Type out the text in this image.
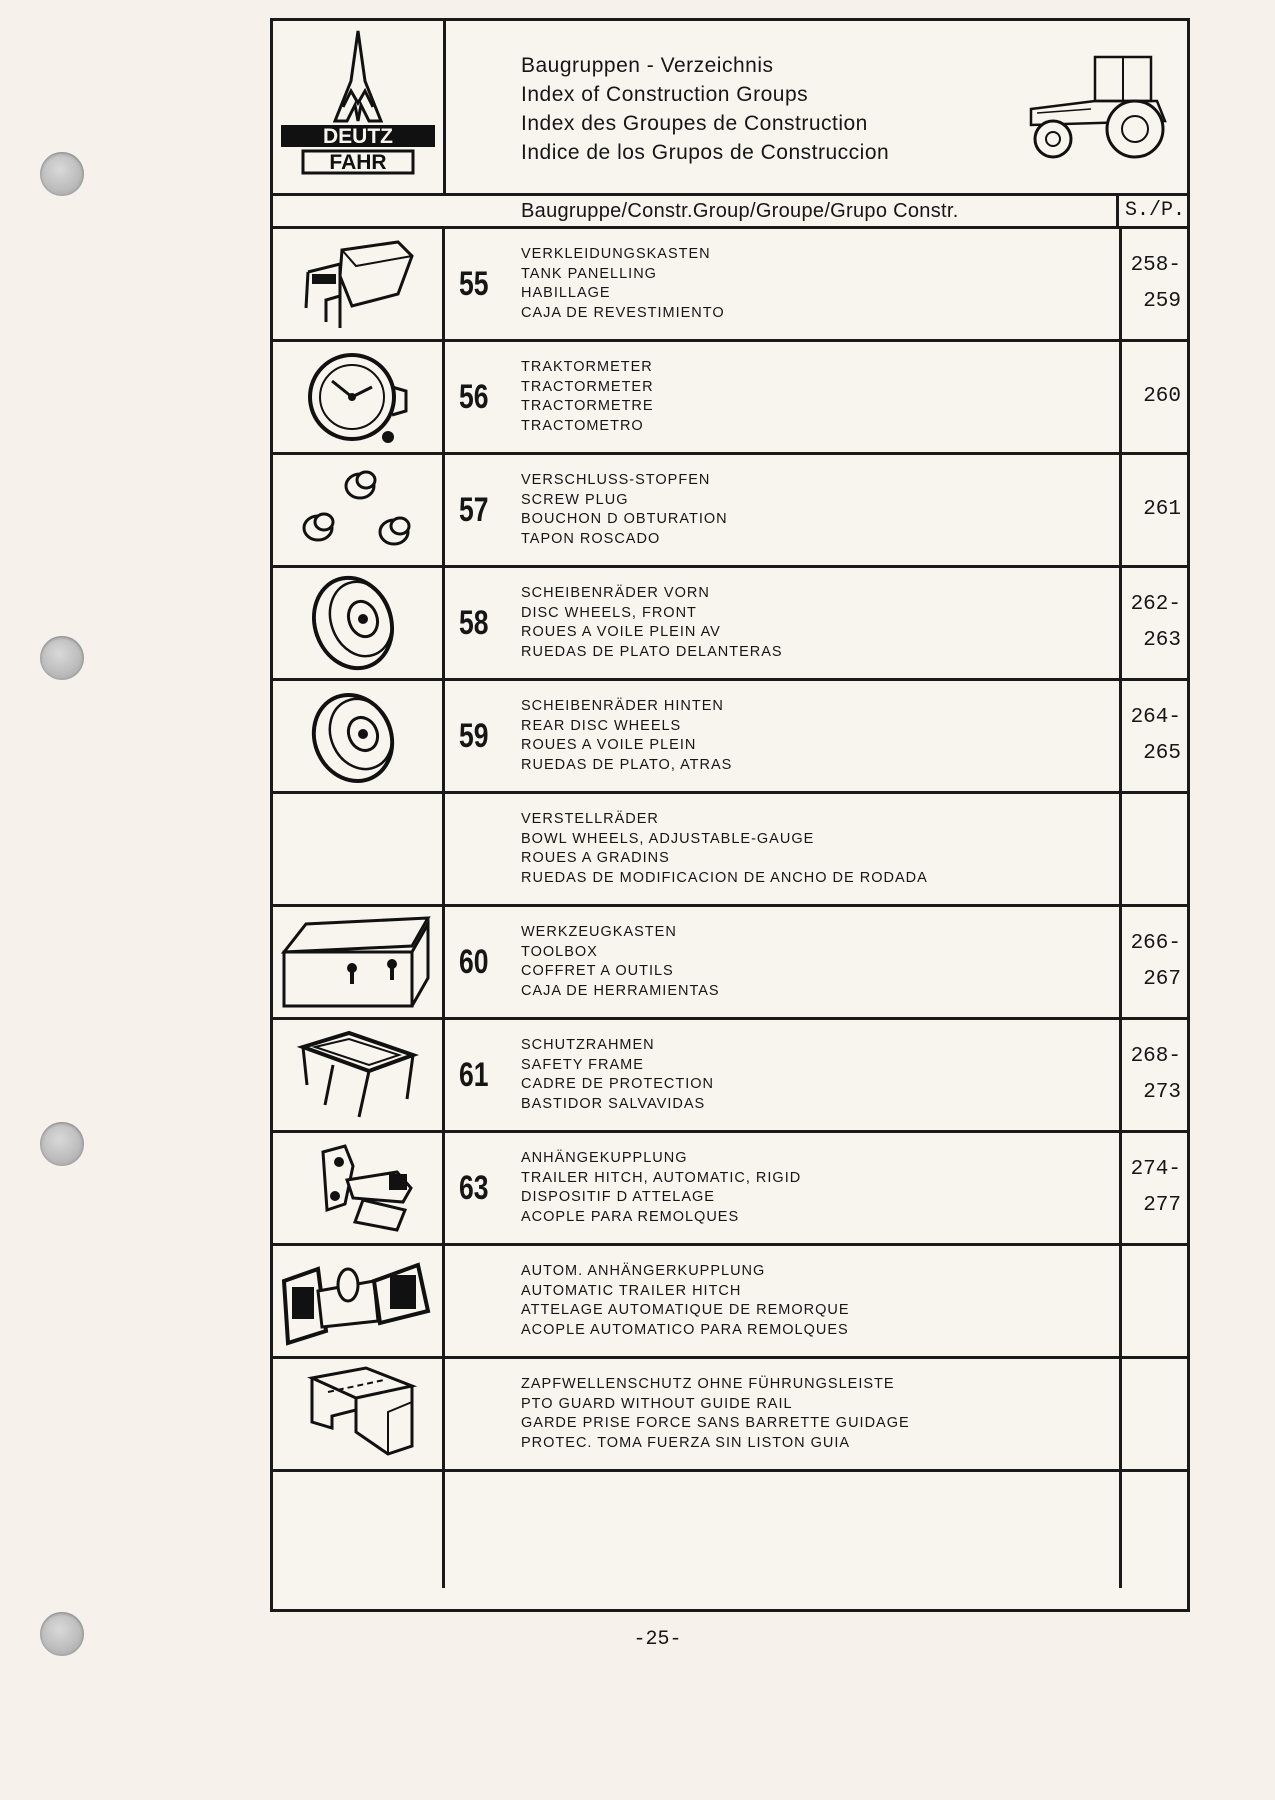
DEUTZ
FAHR
Baugruppen - Verzeichnis
Index of Construction Groups
Index des Groupes de Construction
Indice de los Grupos de Construccion
Baugruppe/Constr.Group/Groupe/Grupo Constr.	S./P.
55
VERKLEIDUNGSKASTEN
TANK PANELLING
HABILLAGE
CAJA DE REVESTIMIENTO
258-
259
56
TRAKTORMETER
TRACTORMETER
TRACTORMETRE
TRACTOMETRO
260
57
VERSCHLUSS-STOPFEN
SCREW PLUG
BOUCHON D OBTURATION
TAPON ROSCADO
261
58
SCHEIBENRÄDER VORN
DISC WHEELS, FRONT
ROUES A VOILE PLEIN AV
RUEDAS DE PLATO DELANTERAS
262-
263
59
SCHEIBENRÄDER HINTEN
REAR DISC WHEELS
ROUES A VOILE PLEIN
RUEDAS DE PLATO, ATRAS
264-
265
VERSTELLRÄDER
BOWL WHEELS, ADJUSTABLE-GAUGE
ROUES A GRADINS
RUEDAS DE MODIFICACION DE ANCHO DE RODADA
60
WERKZEUGKASTEN
TOOLBOX
COFFRET A OUTILS
CAJA DE HERRAMIENTAS
266-
267
61
SCHUTZRAHMEN
SAFETY FRAME
CADRE DE PROTECTION
BASTIDOR SALVAVIDAS
268-
273
63
ANHÄNGEKUPPLUNG
TRAILER HITCH, AUTOMATIC, RIGID
DISPOSITIF D ATTELAGE
ACOPLE PARA REMOLQUES
274-
277
AUTOM. ANHÄNGERKUPPLUNG
AUTOMATIC TRAILER HITCH
ATTELAGE AUTOMATIQUE DE REMORQUE
ACOPLE AUTOMATICO PARA REMOLQUES
ZAPFWELLENSCHUTZ OHNE FÜHRUNGSLEISTE
PTO GUARD WITHOUT GUIDE RAIL
GARDE PRISE FORCE SANS BARRETTE GUIDAGE
PROTEC. TOMA FUERZA SIN LISTON GUIA
-25-
